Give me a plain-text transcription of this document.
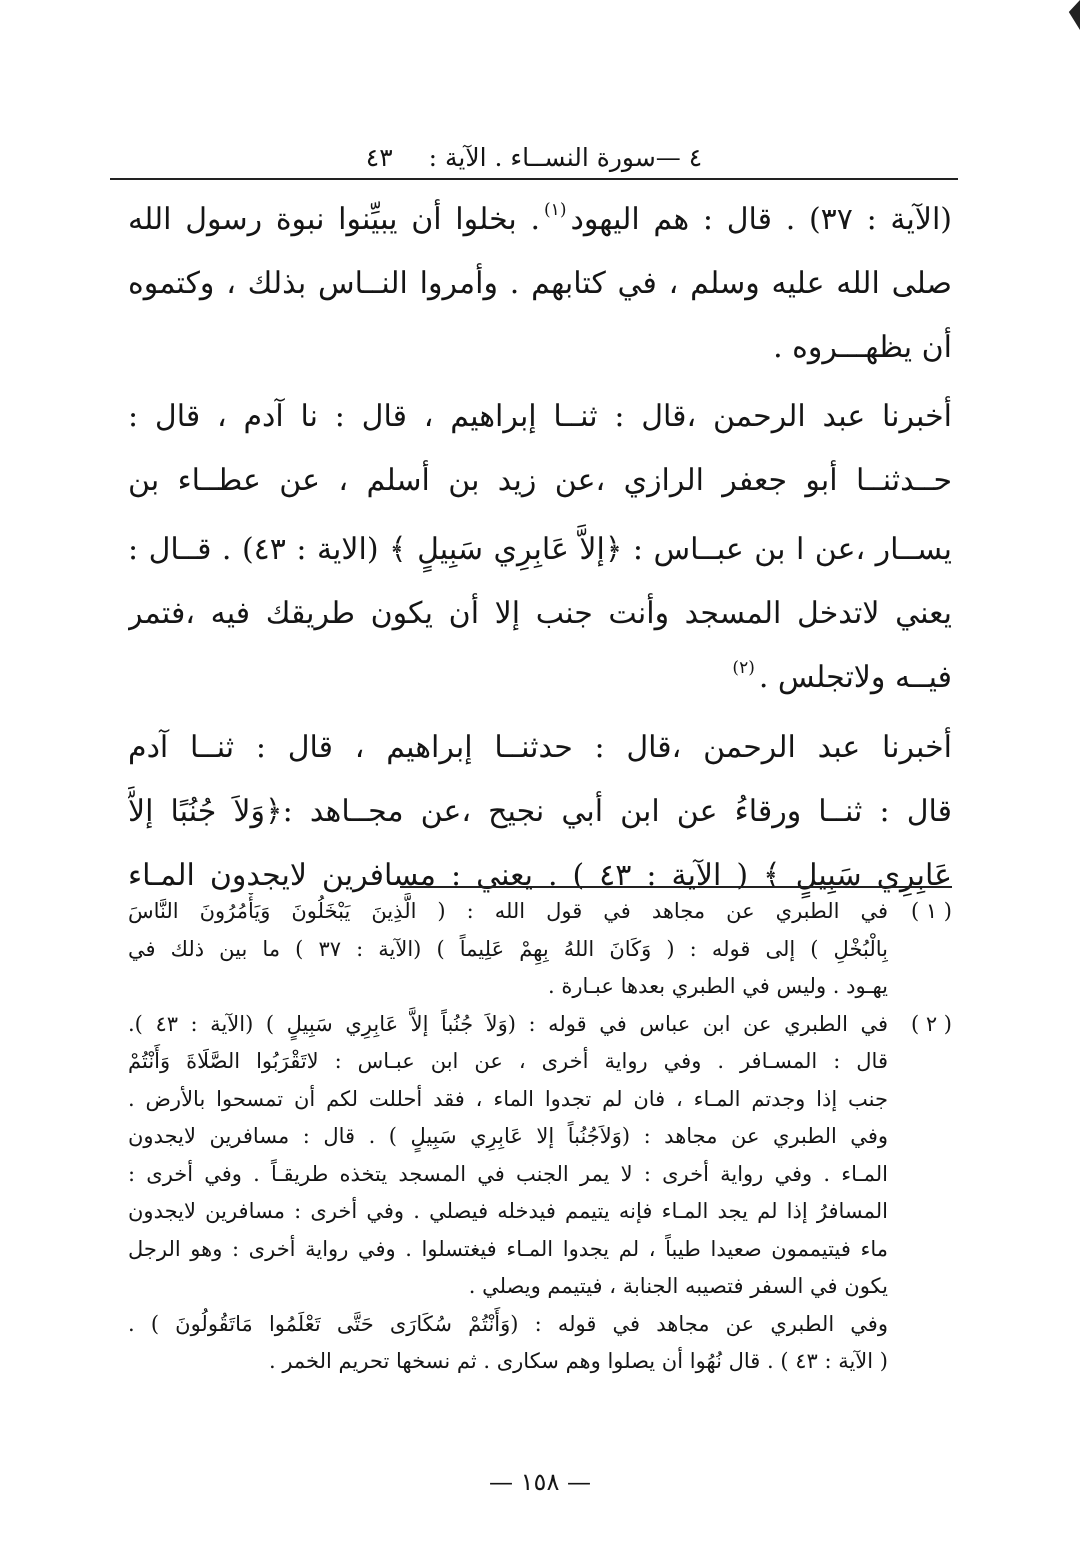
٤ —سورة النســاء . الآية : ٤٣
(الآية : ٣٧) . قال : هم اليهود$^{(١)}$. بخلوا أن يبيِّنوا نبوة رسول الله
صلى الله عليه وسلم ، في كتابهم . وأمروا النــاس بذلك ، وكتموه
أن يظهـــروه .
أخبرنا عبد الرحمن ،قال : ثنــا إبراهيم ، قال : نا آدم ، قال :
حــدثنــا أبو جعفر الرازي ،عن زيد بن أسلم ، عن عطــاء بن
يســار ،عن ا بن عبــاس : ﴿إلاَّ عَابِرِي سَبِيلٍ ﴾ (الاية : ٤٣) . قــال :
يعني لاتدخل المسجد وأنت جنب إلا أن يكون طريقك فيه ،فتمر
فيــه ولاتجلس .$^{(٢)}$
أخبرنا عبد الرحمن ،قال : حدثنــا إبراهيم ، قال : ثنــا آدم
قال : ثنــا ورقاءُ عن ابن أبي نجيح ،عن مجــاهد :﴿وَلاَ جُنُبًا إلاَّ
عَابِرِي سَبِيلٍ ﴾ ( الآية : ٤٣ ) . يعني : مسافرين لايجدون المـاء
( ١ )
في الطبري عن مجاهد في قول الله : ( الَّذِينَ يَبْخَلُونَ وَيَأْمُرُونَ النَّاسَ
بِالْبُخْلِ ) إلى قوله : ( وَكَانَ اللهُ بِهِمْ عَلِيماً ) (الآية : ٣٧ ) ما بين ذلك في
يهـود . وليس في الطبري بعدها عبـارة .
( ٢ )
في الطبري عن ابن عباس في قوله : (وَلاَ جُنُباً إلاَّ عَابِرِي سَبِيلٍ ) (الآية : ٤٣ ).
قال : المسـافر . وفي رواية أخرى ، عن ابن عبـاس : لاتَقْرَبُوا الصَّلَاةَ وَأَنْتُمْ
جنب إذا وجدتم المـاء ، فان لم تجدوا الماء ، فقد أحللت لكم أن تمسحوا بالأرض .
وفي الطبري عن مجاهد : (وَلاَجُنُباً إلا عَابِرِي سَبِيلٍ ) . قال : مسافرين لايجدون
المـاء . وفي رواية أخرى : لا يمر الجنب في المسجد يتخذه طريقـاً . وفي أخرى :
المسافرُ إذا لم يجد المـاء فإنه يتيمم فيدخله فيصلي . وفي أخرى : مسافرين لايجدون
ماء فيتيممون صعيدا طيباً ، لم يجدوا المـاء فيغتسلوا . وفي رواية أخرى : وهو الرجل
يكون في السفر فتصيبه الجنابة ، فيتيمم ويصلي .
وفي الطبري عن مجاهد في قوله : (وَأَنْتُمْ سُكَارَى حَتَّى تَعْلَمُوا مَاتَقُولُونَ ) .
( الآية : ٤٣ ) . قال نُهُوا أن يصلوا وهم سكارى . ثم نسخها تحريم الخمر .
— ١٥٨ —
